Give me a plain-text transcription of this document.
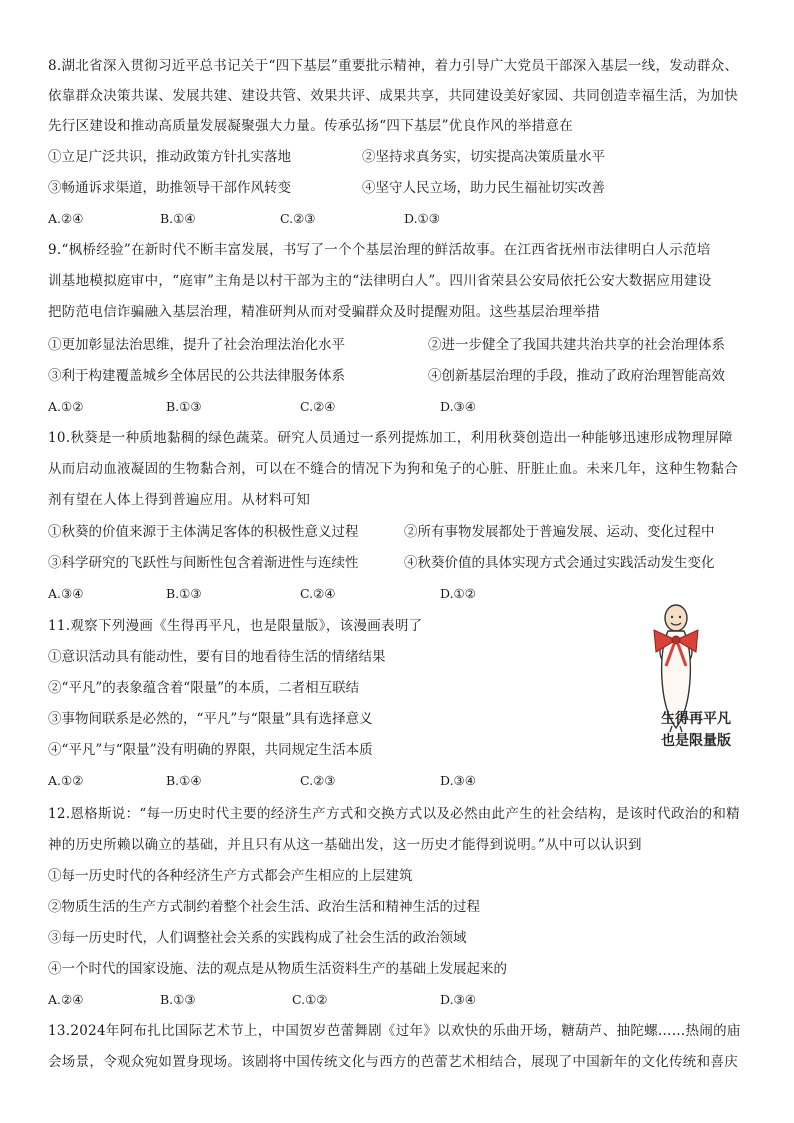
8.湖北省深入贯彻习近平总书记关于“四下基层”重要批示精神，着力引导广大党员干部深入基层一线，发动群众、
依靠群众决策共谋、发展共建、建设共管、效果共评、成果共享，共同建设美好家园、共同创造幸福生活，为加快
先行区建设和推动高质量发展凝聚强大力量。传承弘扬“四下基层”优良作风的举措意在
①立足广泛共识，推动政策方针扎实落地	②坚持求真务实，切实提高决策质量水平
③畅通诉求渠道，助推领导干部作风转变	④坚守人民立场，助力民生福祉切实改善
A.②④	B.①④	C.②③	D.①③
9.“枫桥经验”在新时代不断丰富发展，书写了一个个基层治理的鲜活故事。在江西省抚州市法律明白人示范培
训基地模拟庭审中，“庭审”主角是以村干部为主的“法律明白人”。四川省荣县公安局依托公安大数据应用建设
把防范电信诈骗融入基层治理，精准研判从而对受骗群众及时提醒劝阻。这些基层治理举措
①更加彰显法治思维，提升了社会治理法治化水平	②进一步健全了我国共建共治共享的社会治理体系
③利于构建覆盖城乡全体居民的公共法律服务体系	④创新基层治理的手段，推动了政府治理智能高效
A.①②	B.①③	C.②④	D.③④
10.秋葵是一种质地黏稠的绿色蔬菜。研究人员通过一系列提炼加工，利用秋葵创造出一种能够迅速形成物理屏障
从而启动血液凝固的生物黏合剂，可以在不缝合的情况下为狗和兔子的心脏、肝脏止血。未来几年，这种生物黏合
剂有望在人体上得到普遍应用。从材料可知
①秋葵的价值来源于主体满足客体的积极性意义过程	②所有事物发展都处于普遍发展、运动、变化过程中
③科学研究的飞跃性与间断性包含着渐进性与连续性	④秋葵价值的具体实现方式会通过实践活动发生变化
A.③④	B.①③	C.②④	D.①②
11.观察下列漫画《生得再平凡，也是限量版》，该漫画表明了
①意识活动具有能动性，要有目的地看待生活的情绪结果
②“平凡”的表象蕴含着“限量”的本质，二者相互联结
③事物间联系是必然的，“平凡”与“限量”具有选择意义
④“平凡”与“限量”没有明确的界限，共同规定生活本质
A.①②	B.①④	C.②③	D.③④
生得再平凡
也是限量版
12.恩格斯说：“每一历史时代主要的经济生产方式和交换方式以及必然由此产生的社会结构，是该时代政治的和精
神的历史所赖以确立的基础，并且只有从这一基础出发，这一历史才能得到说明。”从中可以认识到
①每一历史时代的各种经济生产方式都会产生相应的上层建筑
②物质生活的生产方式制约着整个社会生活、政治生活和精神生活的过程
③每一历史时代，人们调整社会关系的实践构成了社会生活的政治领域
④一个时代的国家设施、法的观点是从物质生活资料生产的基础上发展起来的
A.②④	B.①③	C.①②	D.③④
13.2024年阿布扎比国际艺术节上，中国贺岁芭蕾舞剧《过年》以欢快的乐曲开场，糖葫芦、抽陀螺……热闹的庙
会场景，令观众宛如置身现场。该剧将中国传统文化与西方的芭蕾艺术相结合，展现了中国新年的文化传统和喜庆
